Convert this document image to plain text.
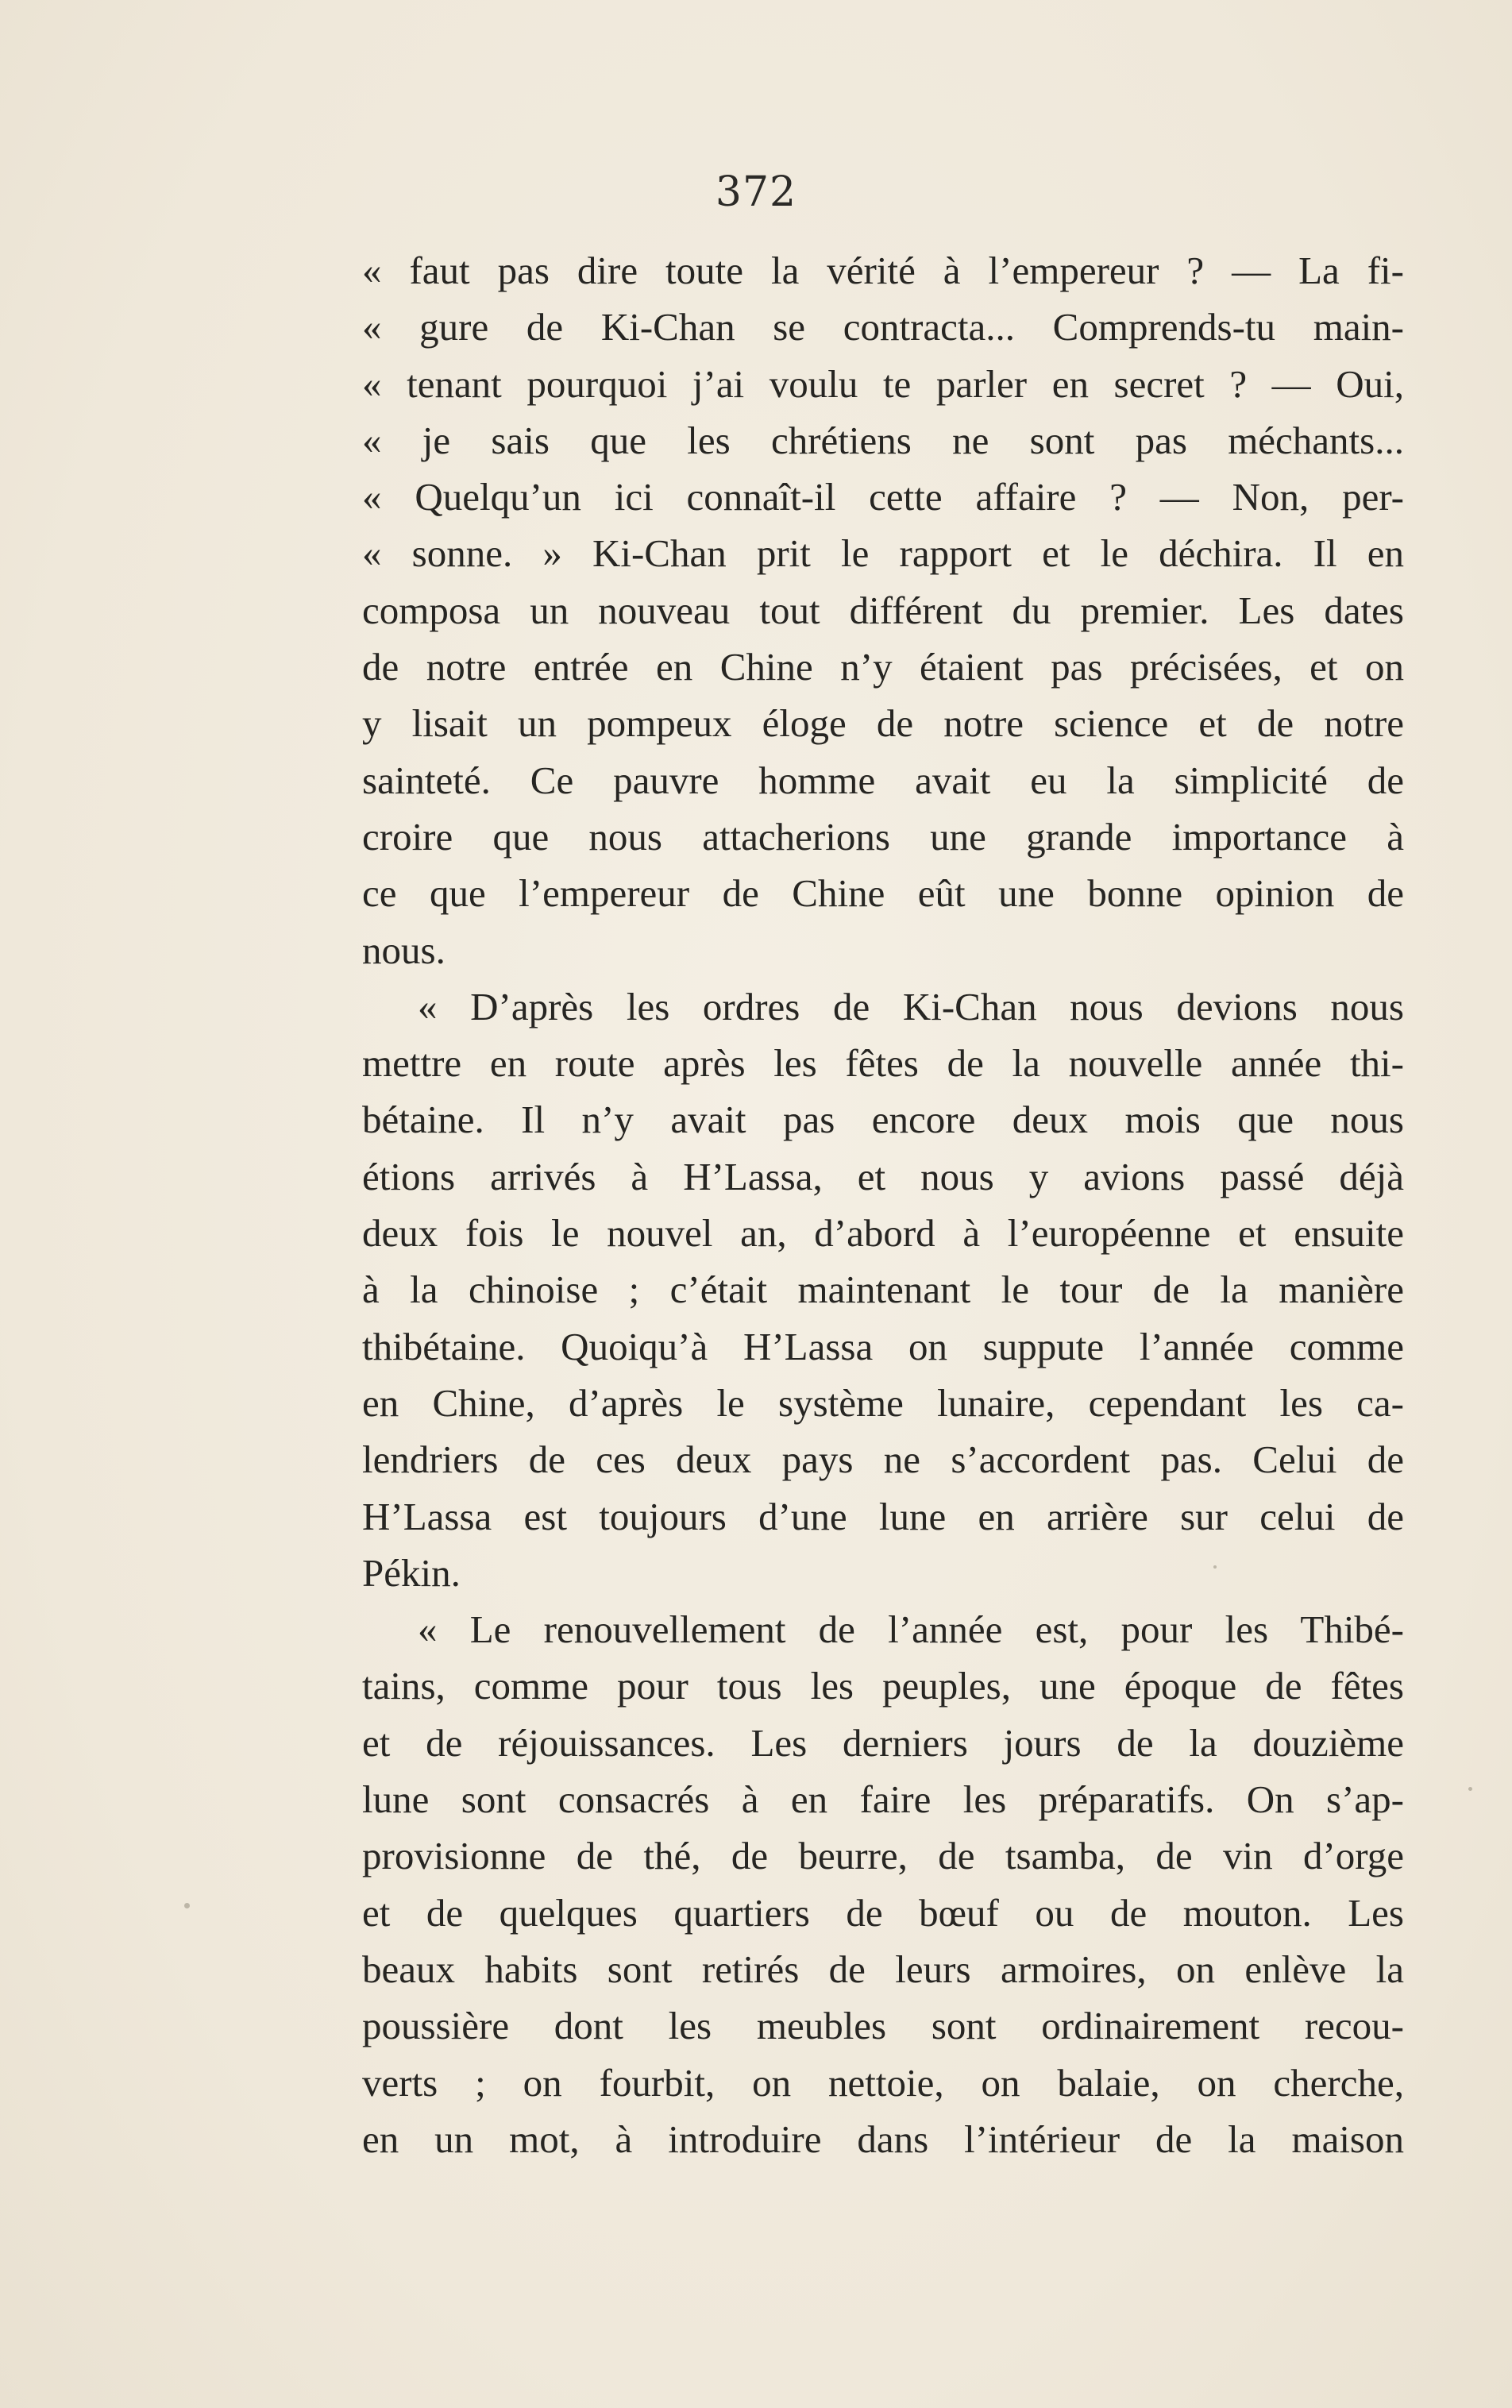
372
« faut pas dire toute la vérité à l’empereur ? — La fi-
« gure de Ki-Chan se contracta... Comprends-tu main-
« tenant pourquoi j’ai voulu te parler en secret ? — Oui,
« je sais que les chrétiens ne sont pas méchants...
« Quelqu’un ici connaît-il cette affaire ? — Non, per-
« sonne. » Ki-Chan prit le rapport et le déchira. Il en
composa un nouveau tout différent du premier. Les dates
de notre entrée en Chine n’y étaient pas précisées, et on
y lisait un pompeux éloge de notre science et de notre
sainteté. Ce pauvre homme avait eu la simplicité de
croire que nous attacherions une grande importance à
ce que l’empereur de Chine eût une bonne opinion de
nous.
« D’après les ordres de Ki-Chan nous devions nous
mettre en route après les fêtes de la nouvelle année thi-
bétaine. Il n’y avait pas encore deux mois que nous
étions arrivés à H’Lassa, et nous y avions passé déjà
deux fois le nouvel an, d’abord à l’européenne et ensuite
à la chinoise ; c’était maintenant le tour de la manière
thibétaine. Quoiqu’à H’Lassa on suppute l’année comme
en Chine, d’après le système lunaire, cependant les ca-
lendriers de ces deux pays ne s’accordent pas. Celui de
H’Lassa est toujours d’une lune en arrière sur celui de
Pékin.
« Le renouvellement de l’année est, pour les Thibé-
tains, comme pour tous les peuples, une époque de fêtes
et de réjouissances. Les derniers jours de la douzième
lune sont consacrés à en faire les préparatifs. On s’ap-
provisionne de thé, de beurre, de tsamba, de vin d’orge
et de quelques quartiers de bœuf ou de mouton. Les
beaux habits sont retirés de leurs armoires, on enlève la
poussière dont les meubles sont ordinairement recou-
verts ; on fourbit, on nettoie, on balaie, on cherche,
en un mot, à introduire dans l’intérieur de la maison
